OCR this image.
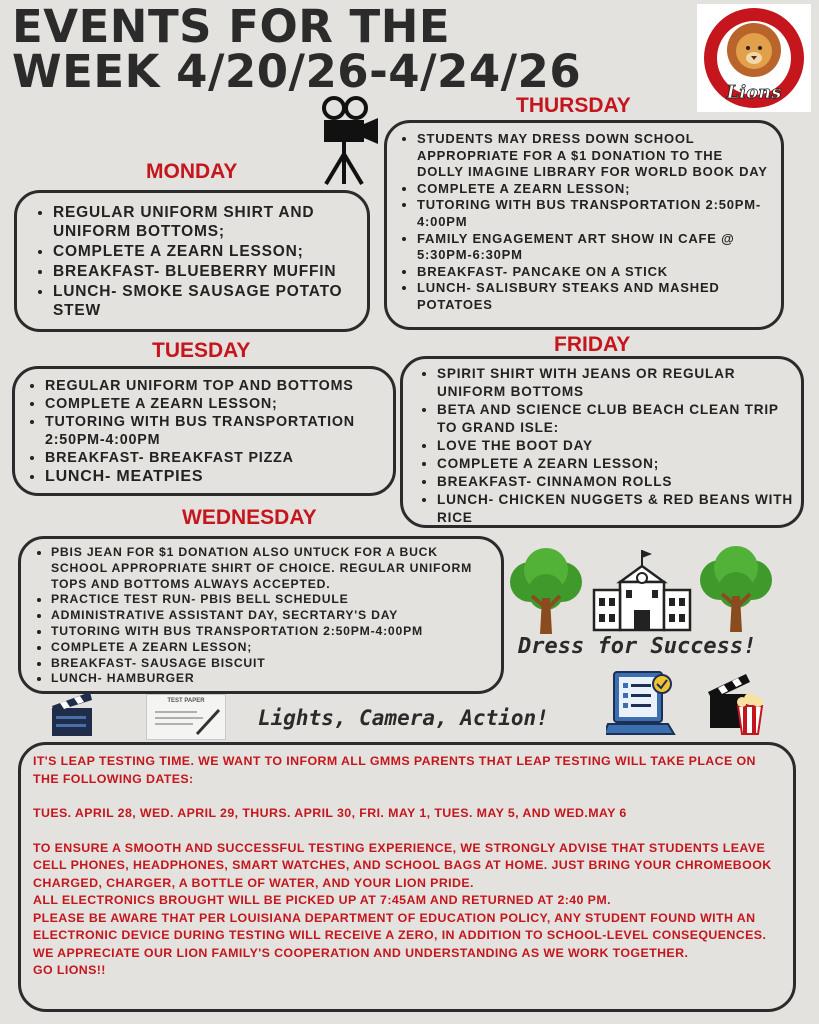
EVENTS FOR THE WEEK 4/20/26-4/24/26	Lions
MONDAY
• REGULAR UNIFORM SHIRT AND UNIFORM BOTTOMS;
• COMPLETE A ZEARN LESSON;
• BREAKFAST- BLUEBERRY MUFFIN
• LUNCH- SMOKE SAUSAGE POTATO STEW
TUESDAY
• REGULAR UNIFORM TOP AND BOTTOMS
• COMPLETE A ZEARN LESSON;
• TUTORING WITH BUS TRANSPORTATION 2:50PM-4:00PM
• BREAKFAST- BREAKFAST PIZZA
• LUNCH- MEATPIES
WEDNESDAY
• PBIS JEAN FOR $1 DONATION ALSO UNTUCK FOR A BUCK SCHOOL APPROPRIATE SHIRT OF CHOICE. REGULAR UNIFORM TOPS AND BOTTOMS ALWAYS ACCEPTED.
• PRACTICE TEST RUN- PBIS BELL SCHEDULE
• ADMINISTRATIVE ASSISTANT DAY, SECRTARY'S DAY
• TUTORING WITH BUS TRANSPORTATION 2:50PM-4:00PM
• COMPLETE A ZEARN LESSON;
• BREAKFAST- SAUSAGE BISCUIT
• LUNCH- HAMBURGER
THURSDAY
• STUDENTS MAY DRESS DOWN SCHOOL APPROPRIATE FOR A $1 DONATION TO THE DOLLY IMAGINE LIBRARY FOR WORLD BOOK DAY
• COMPLETE A ZEARN LESSON;
• TUTORING WITH BUS TRANSPORTATION 2:50PM-4:00PM
• FAMILY ENGAGEMENT ART SHOW IN CAFE @ 5:30PM-6:30PM
• BREAKFAST- PANCAKE ON A STICK
• LUNCH- SALISBURY STEAKS AND MASHED POTATOES
FRIDAY
• SPIRIT SHIRT WITH JEANS OR REGULAR UNIFORM BOTTOMS
• BETA AND SCIENCE CLUB BEACH CLEAN TRIP TO GRAND ISLE:
• LOVE THE BOOT DAY
• COMPLETE A ZEARN LESSON;
• BREAKFAST- CINNAMON ROLLS
• LUNCH- CHICKEN NUGGETS & RED BEANS WITH RICE
Dress for Success!
TEST PAPER
Lights, Camera, Action!

IT'S LEAP TESTING TIME. WE WANT TO INFORM ALL GMMS PARENTS THAT LEAP TESTING WILL TAKE PLACE ON THE FOLLOWING DATES:

TUES. APRIL 28, WED. APRIL 29, THURS. APRIL 30, FRI. MAY 1, TUES. MAY 5, AND WED.MAY 6

TO ENSURE A SMOOTH AND SUCCESSFUL TESTING EXPERIENCE, WE STRONGLY ADVISE THAT STUDENTS LEAVE CELL PHONES, HEADPHONES, SMART WATCHES, AND SCHOOL BAGS AT HOME. JUST BRING YOUR CHROMEBOOK CHARGED, CHARGER, A BOTTLE OF WATER, AND YOUR LION PRIDE.

ALL ELECTRONICS BROUGHT WILL BE PICKED UP AT 7:45AM AND RETURNED AT 2:40 PM.

PLEASE BE AWARE THAT PER LOUISIANA DEPARTMENT OF EDUCATION POLICY, ANY STUDENT FOUND WITH AN ELECTRONIC DEVICE DURING TESTING WILL RECEIVE A ZERO, IN ADDITION TO SCHOOL-LEVEL CONSEQUENCES.

WE APPRECIATE OUR LION FAMILY'S COOPERATION AND UNDERSTANDING AS WE WORK TOGETHER.

GO LIONS!!
